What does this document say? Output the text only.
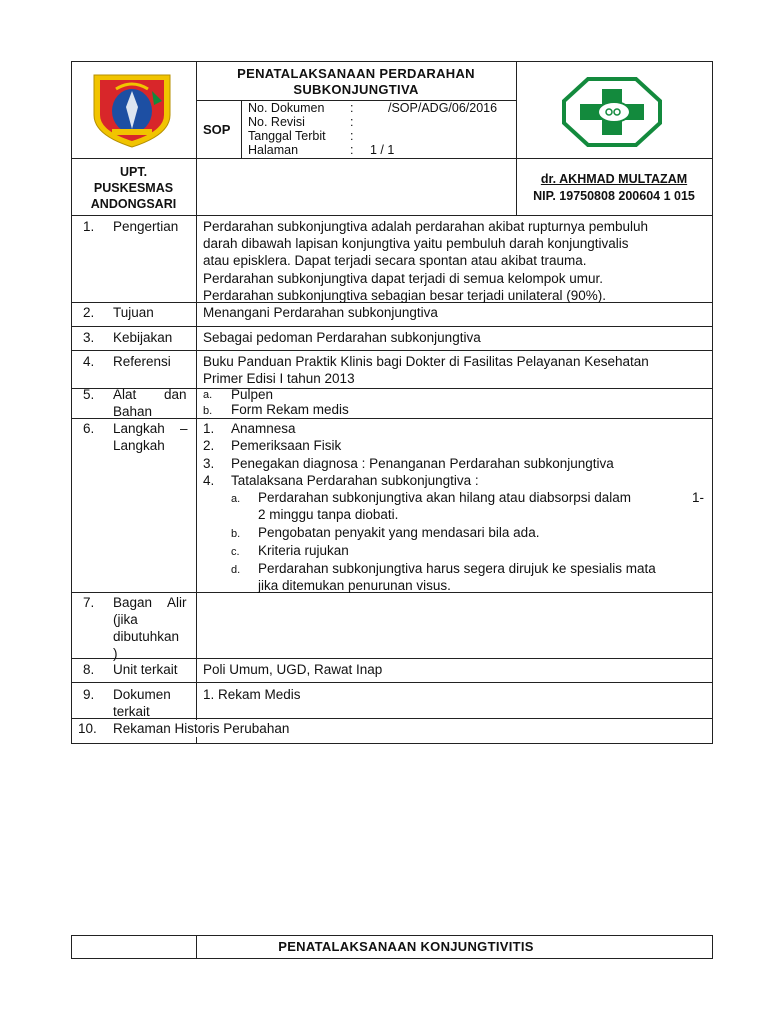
PENATALAKSANAAN PERDARAHAN
SUBKONJUNGTIVA
SOP
No. Dokumen :	/SOP/ADG/06/2016
No. Revisi	:
Tanggal Terbit :
Halaman	: 1 / 1
UPT.
PUSKESMAS
ANDONGSARI
dr. AKHMAD MULTAZAM
NIP. 19750808 200604 1 015
1. Pengertian Perdarahan subkonjungtiva adalah perdarahan akibat rupturnya pembuluh
darah dibawah lapisan konjungtiva yaitu pembuluh darah konjungtivalis
atau episklera. Dapat terjadi secara spontan atau akibat trauma.
Perdarahan subkonjungtiva dapat terjadi di semua kelompok umur.
Perdarahan subkonjungtiva sebagian besar terjadi unilateral (90%).
2. Tujuan	Menangani Perdarahan subkonjungtiva
3. Kebijakan Sebagai pedoman Perdarahan subkonjungtiva
4. Referensi Buku Panduan Praktik Klinis bagi Dokter di Fasilitas Pelayanan Kesehatan
Primer Edisi I tahun 2013
5. Alat dan
Bahan
a. Pulpen
b. Form Rekam medis
6. Langkah –
Langkah
1. Anamnesa
2. Pemeriksaan Fisik
3. Penegakan diagnosa : Penanganan Perdarahan subkonjungtiva
4. Tatalaksana Perdarahan subkonjungtiva :
a. Perdarahan subkonjungtiva akan hilang atau diabsorpsi dalam	1-
2 minggu tanpa diobati.
b. Pengobatan penyakit yang mendasari bila ada.
c. Kriteria rujukan
d. Perdarahan subkonjungtiva harus segera dirujuk ke spesialis mata
jika ditemukan penurunan visus.
7. Bagan Alir
(jika
dibutuhkan
)
8. Unit terkait Poli Umum, UGD, Rawat Inap
9. Dokumen
terkait
1. Rekam Medis
10. Rekaman Historis Perubahan
PENATALAKSANAAN KONJUNGTIVITIS
